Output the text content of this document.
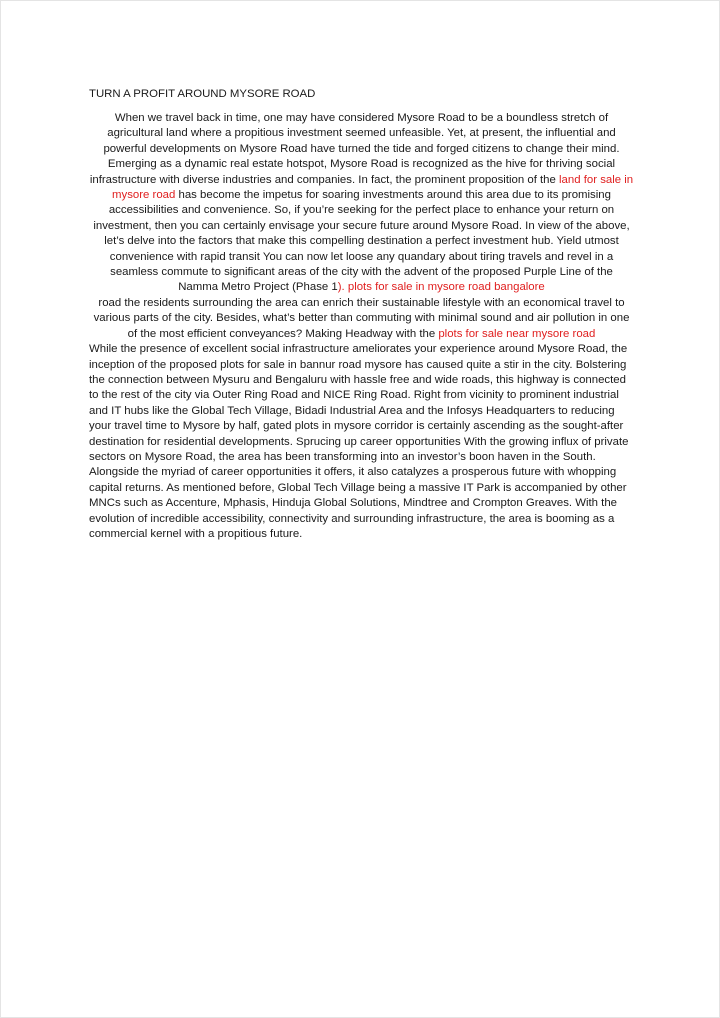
TURN A PROFIT AROUND MYSORE ROAD

When we travel back in time, one may have considered Mysore Road to be a boundless stretch of agricultural land where a propitious investment seemed unfeasible. Yet, at present, the influential and powerful developments on Mysore Road have turned the tide and forged citizens to change their mind. Emerging as a dynamic real estate hotspot, Mysore Road is recognized as the hive for thriving social infrastructure with diverse industries and companies. In fact, the prominent proposition of the land for sale in mysore road has become the impetus for soaring investments around this area due to its promising accessibilities and convenience. So, if you’re seeking for the perfect place to enhance your return on investment, then you can certainly envisage your secure future around Mysore Road. In view of the above, let’s delve into the factors that make this compelling destination a perfect investment hub. Yield utmost convenience with rapid transit You can now let loose any quandary about tiring travels and revel in a seamless commute to significant areas of the city with the advent of the proposed Purple Line of the Namma Metro Project (Phase 1). plots for sale in mysore road bangalore

road the residents surrounding the area can enrich their sustainable lifestyle with an economical travel to various parts of the city. Besides, what’s better than commuting with minimal sound and air pollution in one of the most efficient conveyances? Making Headway with the plots for sale near mysore road

While the presence of excellent social infrastructure ameliorates your experience around Mysore Road, the inception of the proposed plots for sale in bannur road mysore has caused quite a stir in the city. Bolstering the connection between Mysuru and Bengaluru with hassle free and wide roads, this highway is connected to the rest of the city via Outer Ring Road and NICE Ring Road. Right from vicinity to prominent industrial and IT hubs like the Global Tech Village, Bidadi Industrial Area and the Infosys Headquarters to reducing your travel time to Mysore by half, gated plots in mysore corridor is certainly ascending as the sought-after destination for residential developments. Sprucing up career opportunities With the growing influx of private sectors on Mysore Road, the area has been transforming into an investor’s boon haven in the South. Alongside the myriad of career opportunities it offers, it also catalyzes a prosperous future with whopping capital returns. As mentioned before, Global Tech Village being a massive IT Park is accompanied by other MNCs such as Accenture, Mphasis, Hinduja Global Solutions, Mindtree and Crompton Greaves. With the evolution of incredible accessibility, connectivity and surrounding infrastructure, the area is booming as a commercial kernel with a propitious future.
